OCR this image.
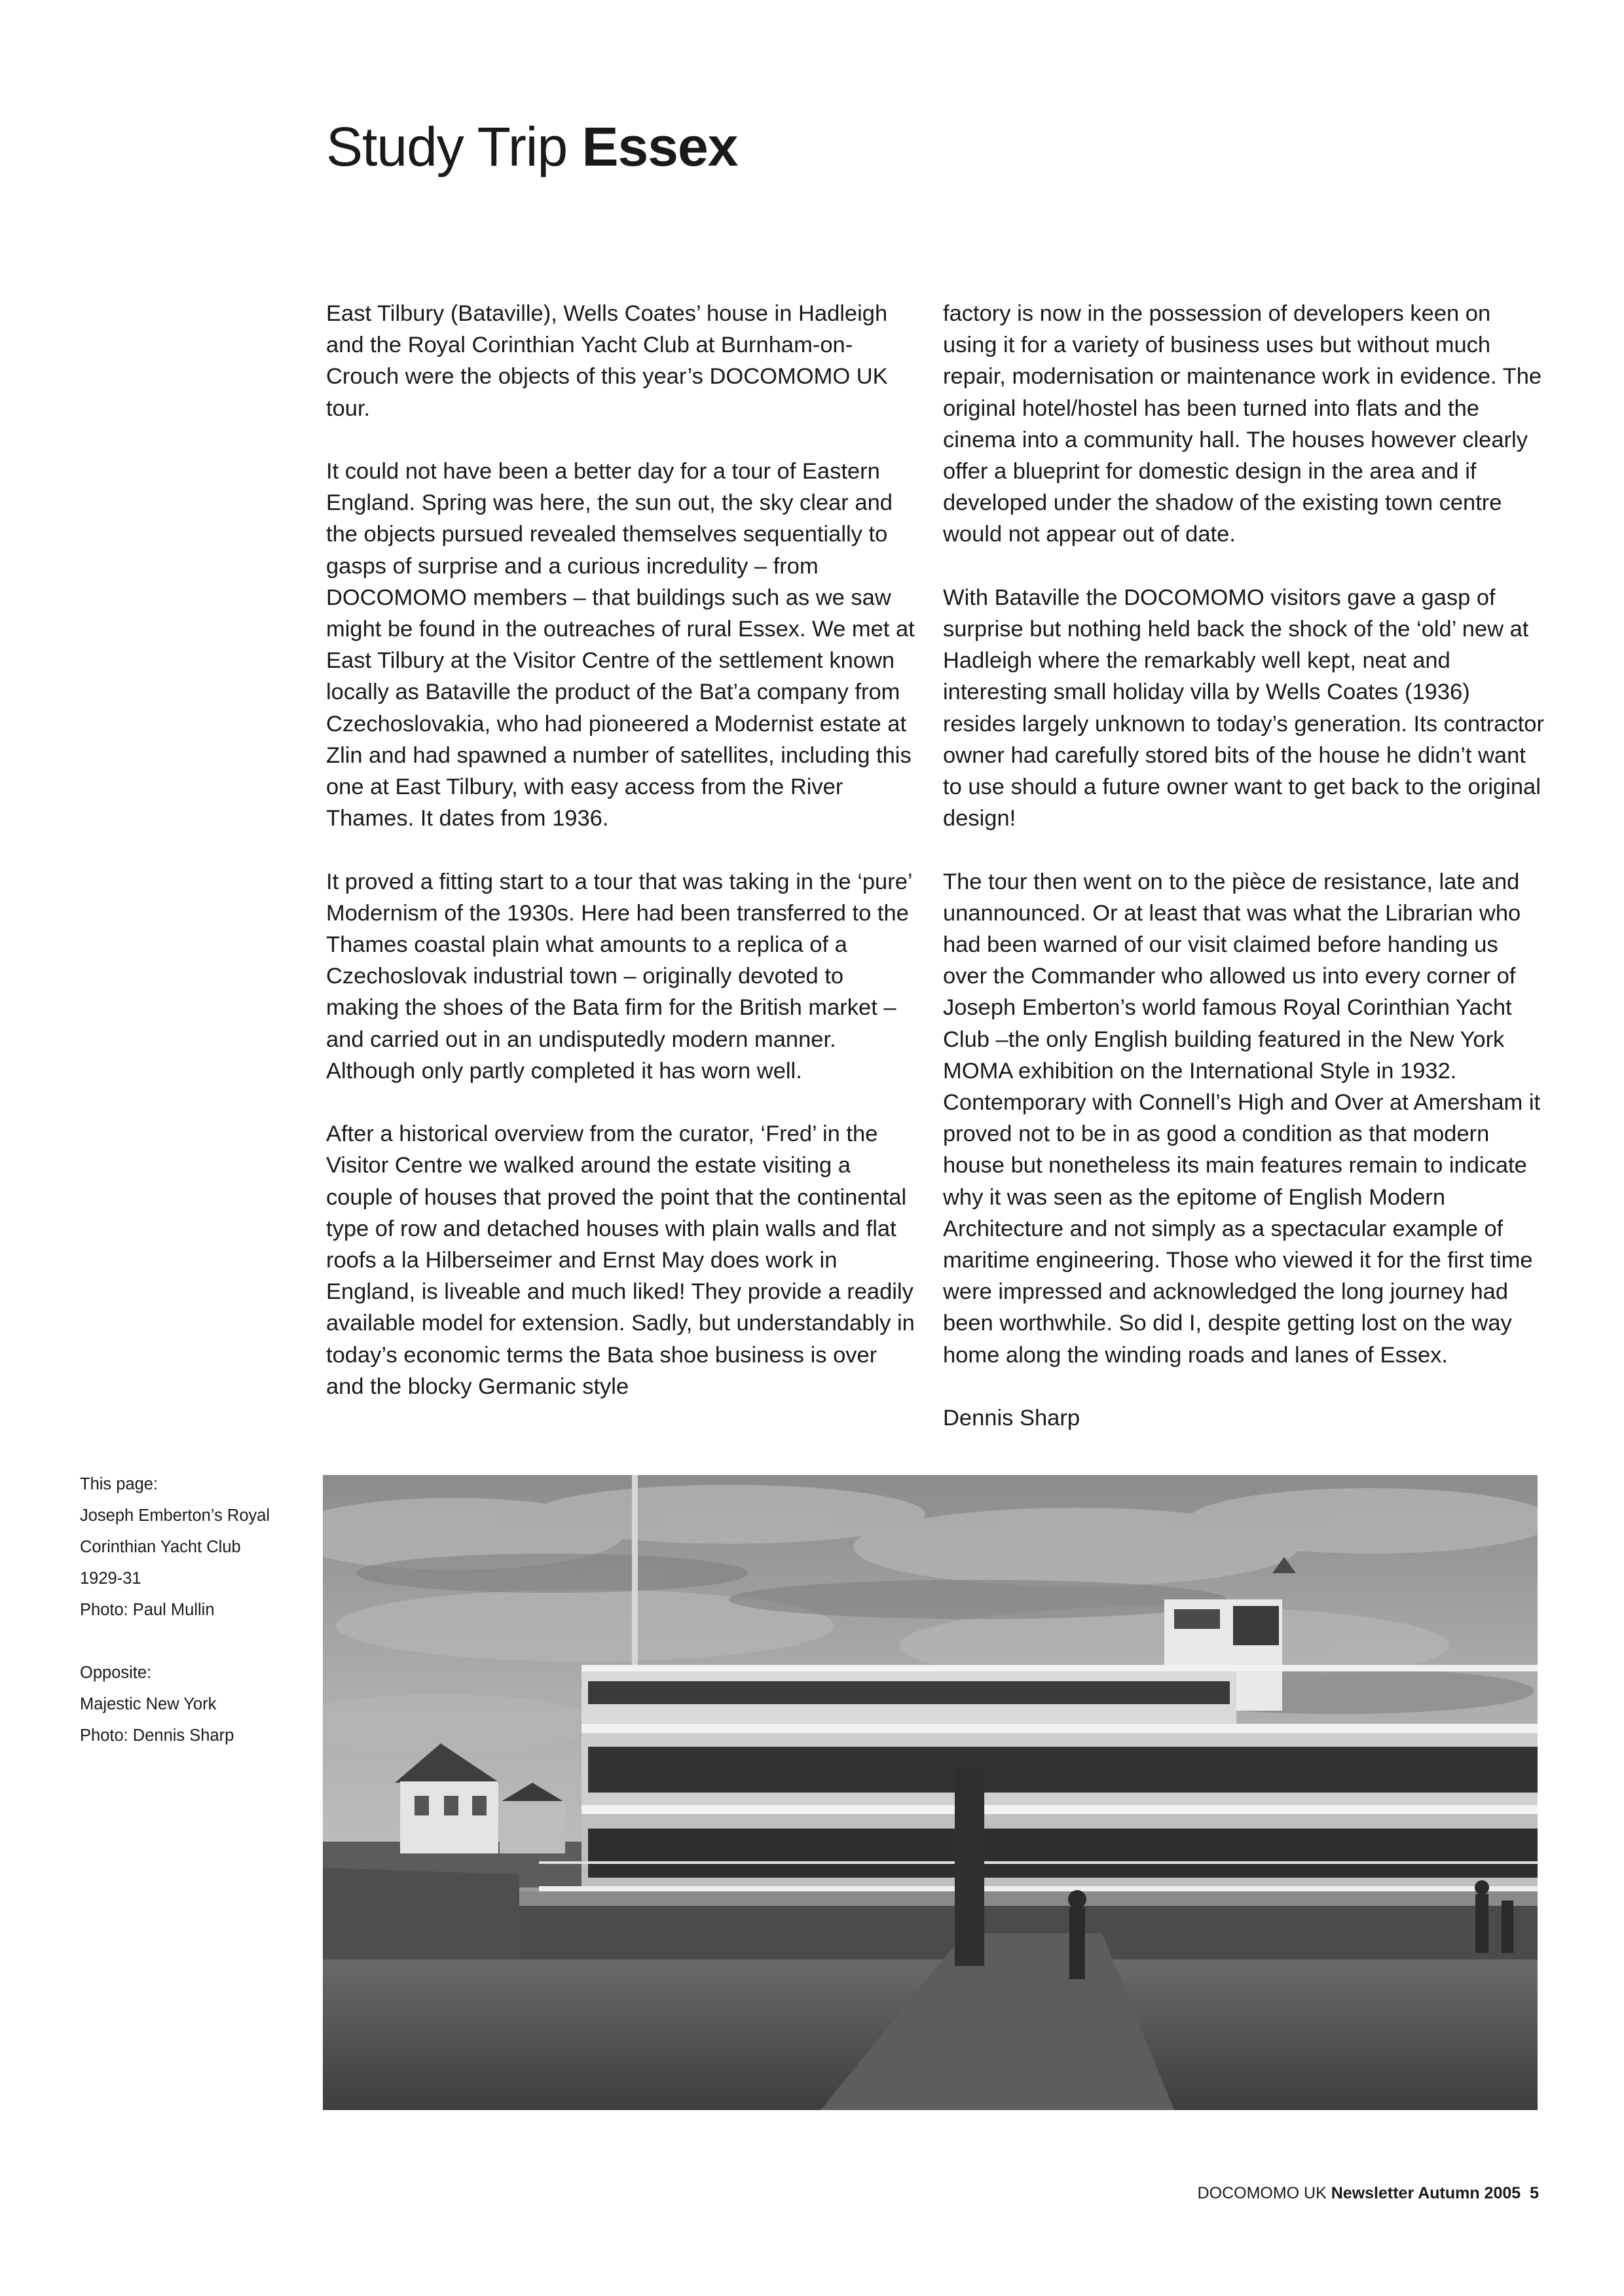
Study Trip Essex

East Tilbury (Bataville), Wells Coates’ house in Hadleigh and the Royal Corinthian Yacht Club at Burnham-on-Crouch were the objects of this year’s DOCOMOMO UK tour.

It could not have been a better day for a tour of Eastern England. Spring was here, the sun out, the sky clear and the objects pursued revealed themselves sequentially to gasps of surprise and a curious incredulity – from DOCOMOMO members – that buildings such as we saw might be found in the outreaches of rural Essex. We met at East Tilbury at the Visitor Centre of the settlement known locally as Bataville the product of the Bat’a company from Czechoslovakia, who had pioneered a Modernist estate at Zlin and had spawned a number of satellites, including this one at East Tilbury, with easy access from the River Thames. It dates from 1936.

It proved a fitting start to a tour that was taking in the ‘pure’ Modernism of the 1930s. Here had been transferred to the Thames coastal plain what amounts to a replica of a Czechoslovak industrial town – originally devoted to making the shoes of the Bata firm for the British market – and carried out in an undisputedly modern manner. Although only partly completed it has worn well.

After a historical overview from the curator, ‘Fred’ in the Visitor Centre we walked around the estate visiting a couple of houses that proved the point that the continental type of row and detached houses with plain walls and flat roofs a la Hilberseimer and Ernst May does work in England, is liveable and much liked! They provide a readily available model for extension. Sadly, but understandably in today’s economic terms the Bata shoe business is over and the blocky Germanic style

factory is now in the possession of developers keen on using it for a variety of business uses but without much repair, modernisation or maintenance work in evidence. The original hotel/hostel has been turned into flats and the cinema into a community hall. The houses however clearly offer a blueprint for domestic design in the area and if developed under the shadow of the existing town centre would not appear out of date.

With Bataville the DOCOMOMO visitors gave a gasp of surprise but nothing held back the shock of the ‘old’ new at Hadleigh where the remarkably well kept, neat and interesting small holiday villa by Wells Coates (1936) resides largely unknown to today’s generation. Its contractor owner had carefully stored bits of the house he didn’t want to use should a future owner want to get back to the original design!

The tour then went on to the pièce de resistance, late and unannounced. Or at least that was what the Librarian who had been warned of our visit claimed before handing us over the Commander who allowed us into every corner of Joseph Emberton’s world famous Royal Corinthian Yacht Club –the only English building featured in the New York MOMA exhibition on the International Style in 1932. Contemporary with Connell’s High and Over at Amersham it proved not to be in as good a condition as that modern house but nonetheless its main features remain to indicate why it was seen as the epitome of English Modern Architecture and not simply as a spectacular example of maritime engineering. Those who viewed it for the first time were impressed and acknowledged the long journey had been worthwhile. So did I, despite getting lost on the way home along the winding roads and lanes of Essex.

Dennis Sharp

This page:
Joseph Emberton’s Royal
Corinthian Yacht Club
1929-31
Photo: Paul Mullin
Opposite:
Majestic New York
Photo: Dennis Sharp
DOCOMOMO UK Newsletter Autumn 2005 5
